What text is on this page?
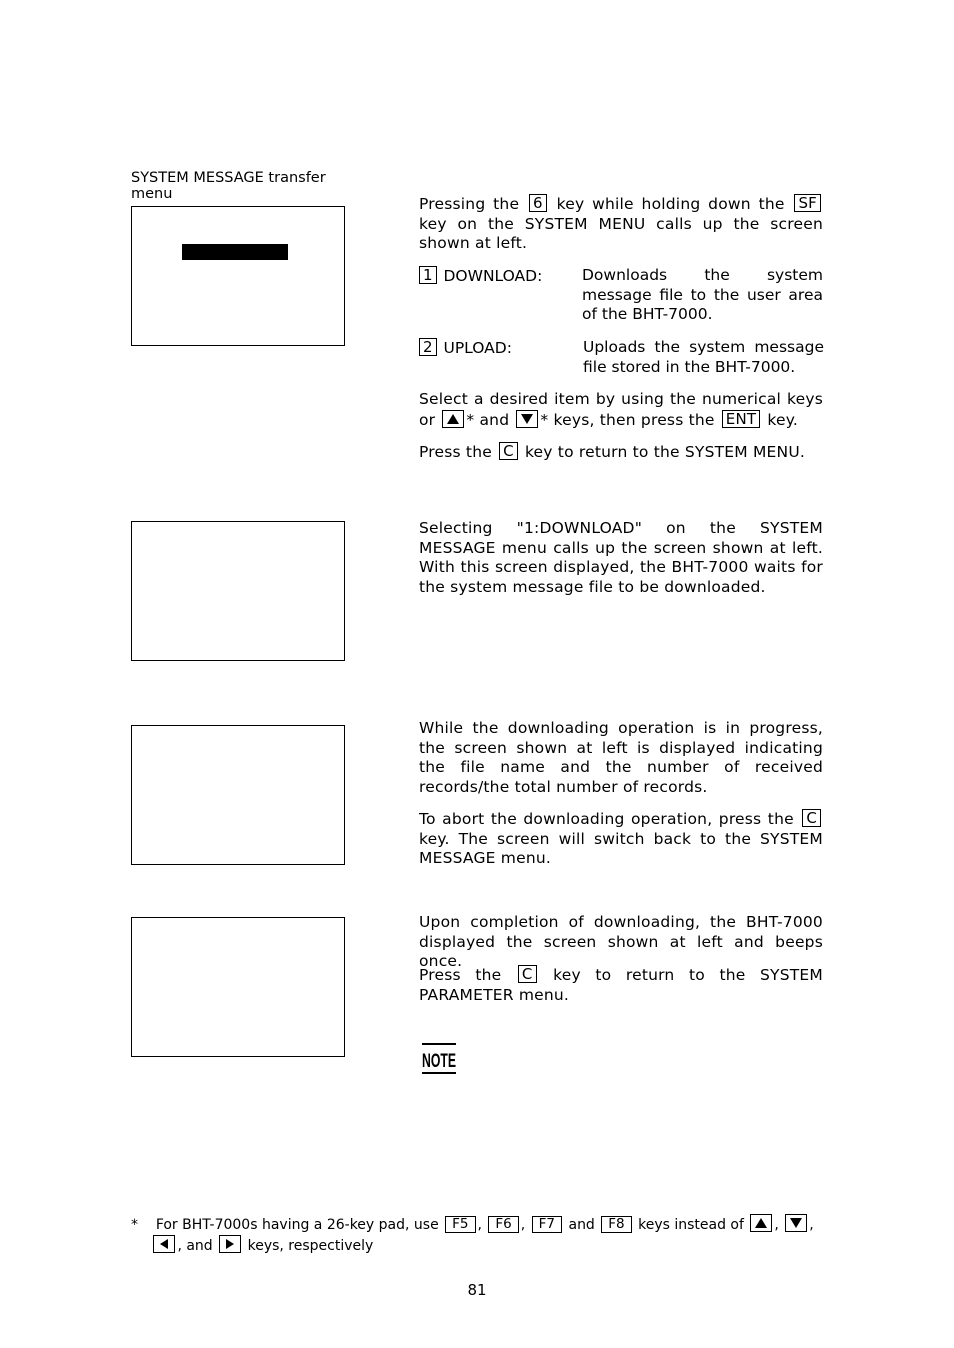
SYSTEM MESSAGE transfer menu
Pressing the 6 key while holding down the SF key on the SYSTEM MENU calls up the screen shown at left.
1 DOWNLOAD:	Downloads the system message file to the user area of the BHT-7000.
2 UPLOAD:	Uploads the system message file stored in the BHT-7000.
Select a desired item by using the numerical keys or * and * keys, then press the ENT key.
Press the C key to return to the SYSTEM MENU.
Selecting "1:DOWNLOAD" on the SYSTEM MESSAGE menu calls up the screen shown at left. With this screen displayed, the BHT-7000 waits for the system message file to be downloaded.
While the downloading operation is in progress, the screen shown at left is displayed indicating the file name and the number of received records/the total number of records.
To abort the downloading operation, press the C key. The screen will switch back to the SYSTEM MESSAGE menu.
Upon completion of downloading, the BHT-7000 displayed the screen shown at left and beeps once.
Press the C key to return to the SYSTEM PARAMETER menu.
NOTE
* For BHT-7000s having a 26-key pad, use F5 , F6 , F7 and F8 keys instead of , ,

, and keys, respectively
81
